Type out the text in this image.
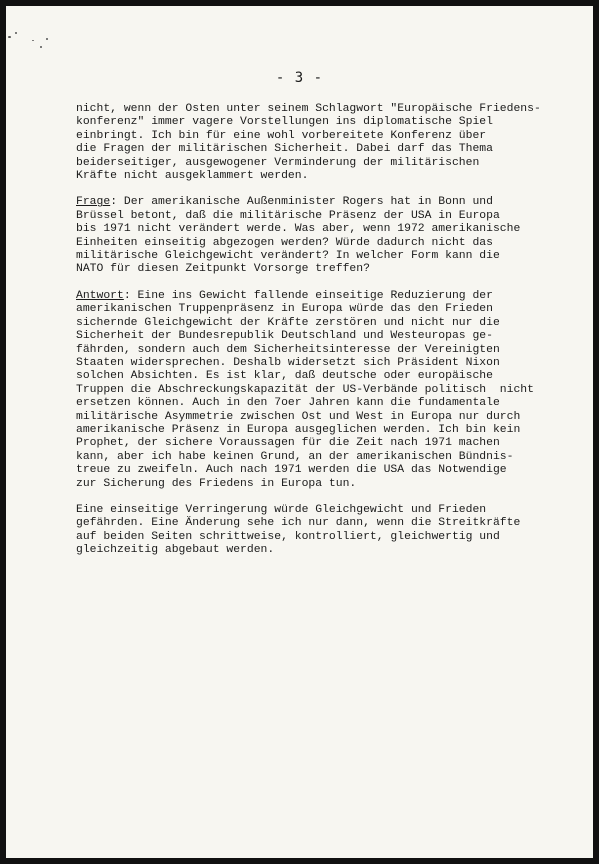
- 3 -
nicht, wenn der Osten unter seinem Schlagwort "Europäische Friedens-
konferenz" immer vagere Vorstellungen ins diplomatische Spiel
einbringt. Ich bin für eine wohl vorbereitete Konferenz über
die Fragen der militärischen Sicherheit. Dabei darf das Thema
beiderseitiger, ausgewogener Verminderung der militärischen
Kräfte nicht ausgeklammert werden.
Frage: Der amerikanische Außenminister Rogers hat in Bonn und
Brüssel betont, daß die militärische Präsenz der USA in Europa
bis 1971 nicht verändert werde. Was aber, wenn 1972 amerikanische
Einheiten einseitig abgezogen werden? Würde dadurch nicht das
militärische Gleichgewicht verändert? In welcher Form kann die
NATO für diesen Zeitpunkt Vorsorge treffen?
Antwort: Eine ins Gewicht fallende einseitige Reduzierung der
amerikanischen Truppenpräsenz in Europa würde das den Frieden
sichernde Gleichgewicht der Kräfte zerstören und nicht nur die
Sicherheit der Bundesrepublik Deutschland und Westeuropas ge-
fährden, sondern auch dem Sicherheitsinteresse der Vereinigten
Staaten widersprechen. Deshalb widersetzt sich Präsident Nixon
solchen Absichten. Es ist klar, daß deutsche oder europäische
Truppen die Abschreckungskapazität der US-Verbände politisch  nicht
ersetzen können. Auch in den 7oer Jahren kann die fundamentale
militärische Asymmetrie zwischen Ost und West in Europa nur durch
amerikanische Präsenz in Europa ausgeglichen werden. Ich bin kein
Prophet, der sichere Voraussagen für die Zeit nach 1971 machen
kann, aber ich habe keinen Grund, an der amerikanischen Bündnis-
treue zu zweifeln. Auch nach 1971 werden die USA das Notwendige
zur Sicherung des Friedens in Europa tun.
Eine einseitige Verringerung würde Gleichgewicht und Frieden
gefährden. Eine Änderung sehe ich nur dann, wenn die Streitkräfte
auf beiden Seiten schrittweise, kontrolliert, gleichwertig und
gleichzeitig abgebaut werden.
